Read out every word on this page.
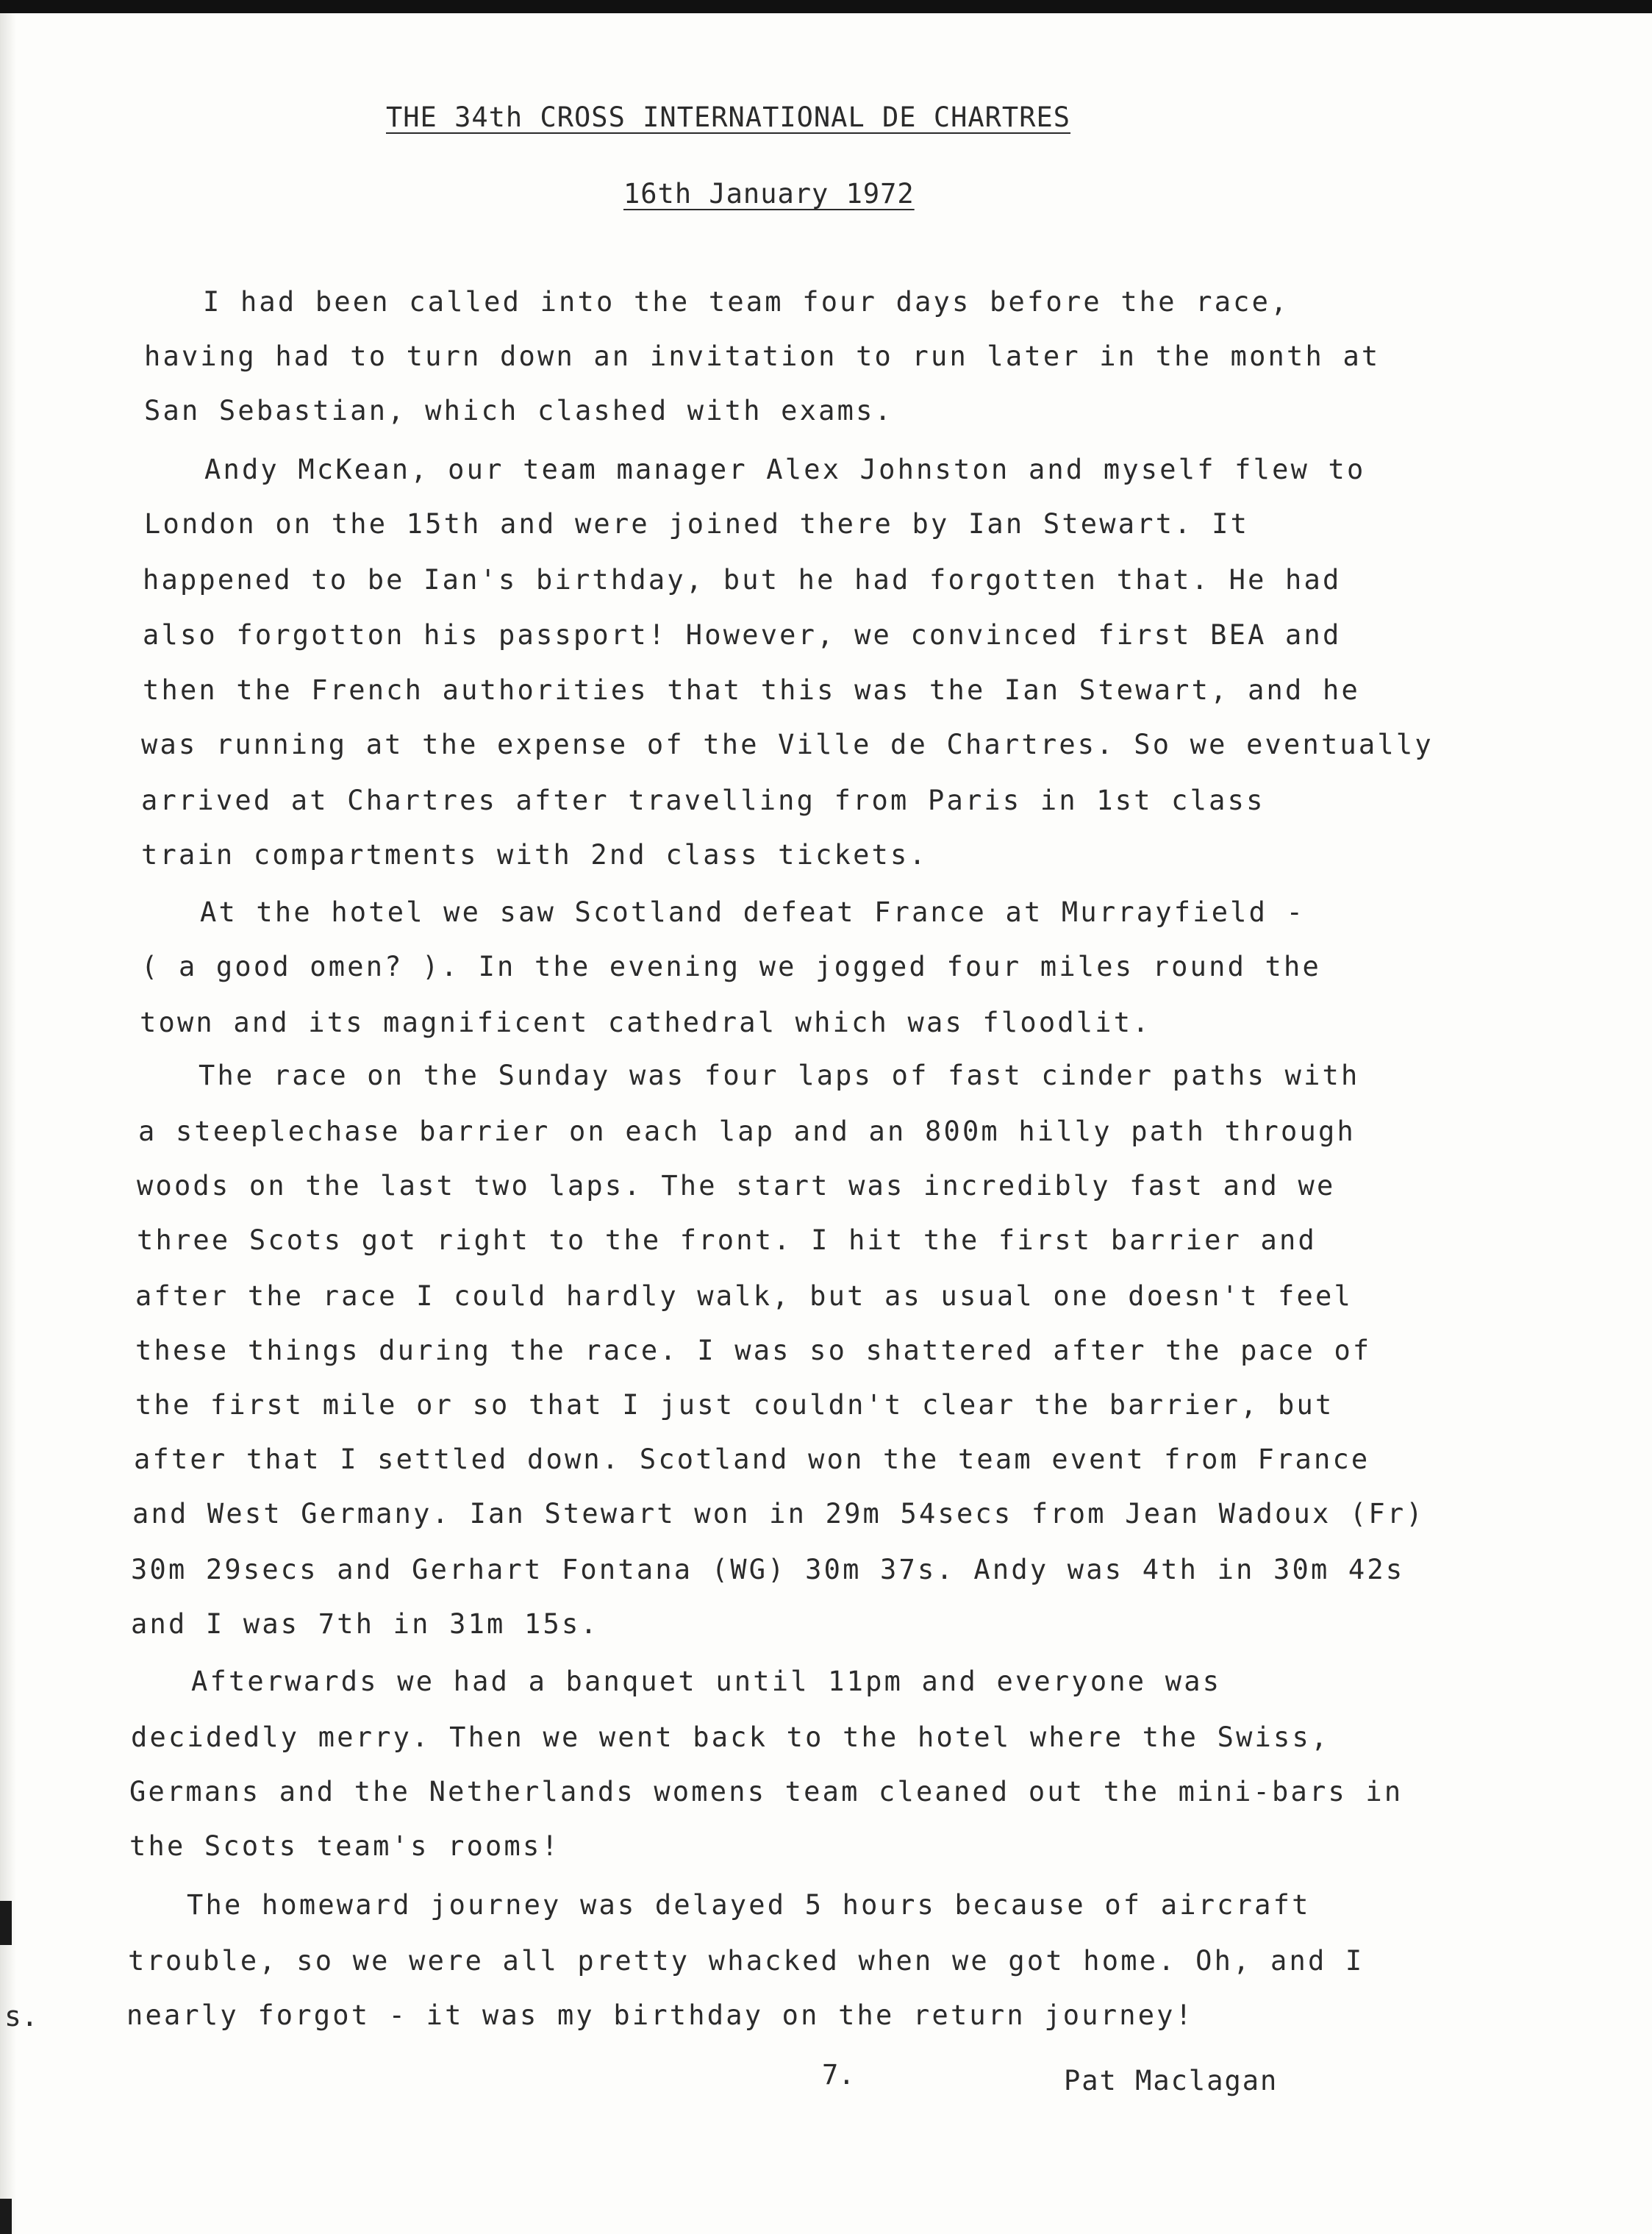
s.
THE 34th CROSS INTERNATIONAL DE CHARTRES
16th January 1972
I had been called into the team four days before the race,
having had to turn down an invitation to run later in the month at
San Sebastian, which clashed with exams.
Andy McKean, our team manager Alex Johnston and myself flew to
London on the 15th and were joined there by Ian Stewart. It
happened to be Ian's birthday, but he had forgotten that. He had
also forgotton his passport! However, we convinced first BEA and
then the French authorities that this was the Ian Stewart, and he
was running at the expense of the Ville de Chartres. So we eventually
arrived at Chartres after travelling from Paris in 1st class
train compartments with 2nd class tickets.
At the hotel we saw Scotland defeat France at Murrayfield -
( a good omen? ). In the evening we jogged four miles round the
town and its magnificent cathedral which was floodlit.
The race on the Sunday was four laps of fast cinder paths with
a steeplechase barrier on each lap and an 800m hilly path through
woods on the last two laps. The start was incredibly fast and we
three Scots got right to the front. I hit the first barrier and
after the race I could hardly walk, but as usual one doesn't feel
these things during the race. I was so shattered after the pace of
the first mile or so that I just couldn't clear the barrier, but
after that I settled down. Scotland won the team event from France
and West Germany. Ian Stewart won in 29m 54secs from Jean Wadoux (Fr)
30m 29secs and Gerhart Fontana (WG) 30m 37s. Andy was 4th in 30m 42s
and I was 7th in 31m 15s.
Afterwards we had a banquet until 11pm and everyone was
decidedly merry. Then we went back to the hotel where the Swiss,
Germans and the Netherlands womens team cleaned out the mini-bars in
the Scots team's rooms!
The homeward journey was delayed 5 hours because of aircraft
trouble, so we were all pretty whacked when we got home. Oh, and I
nearly forgot - it was my birthday on the return journey!
7.	Pat Maclagan
